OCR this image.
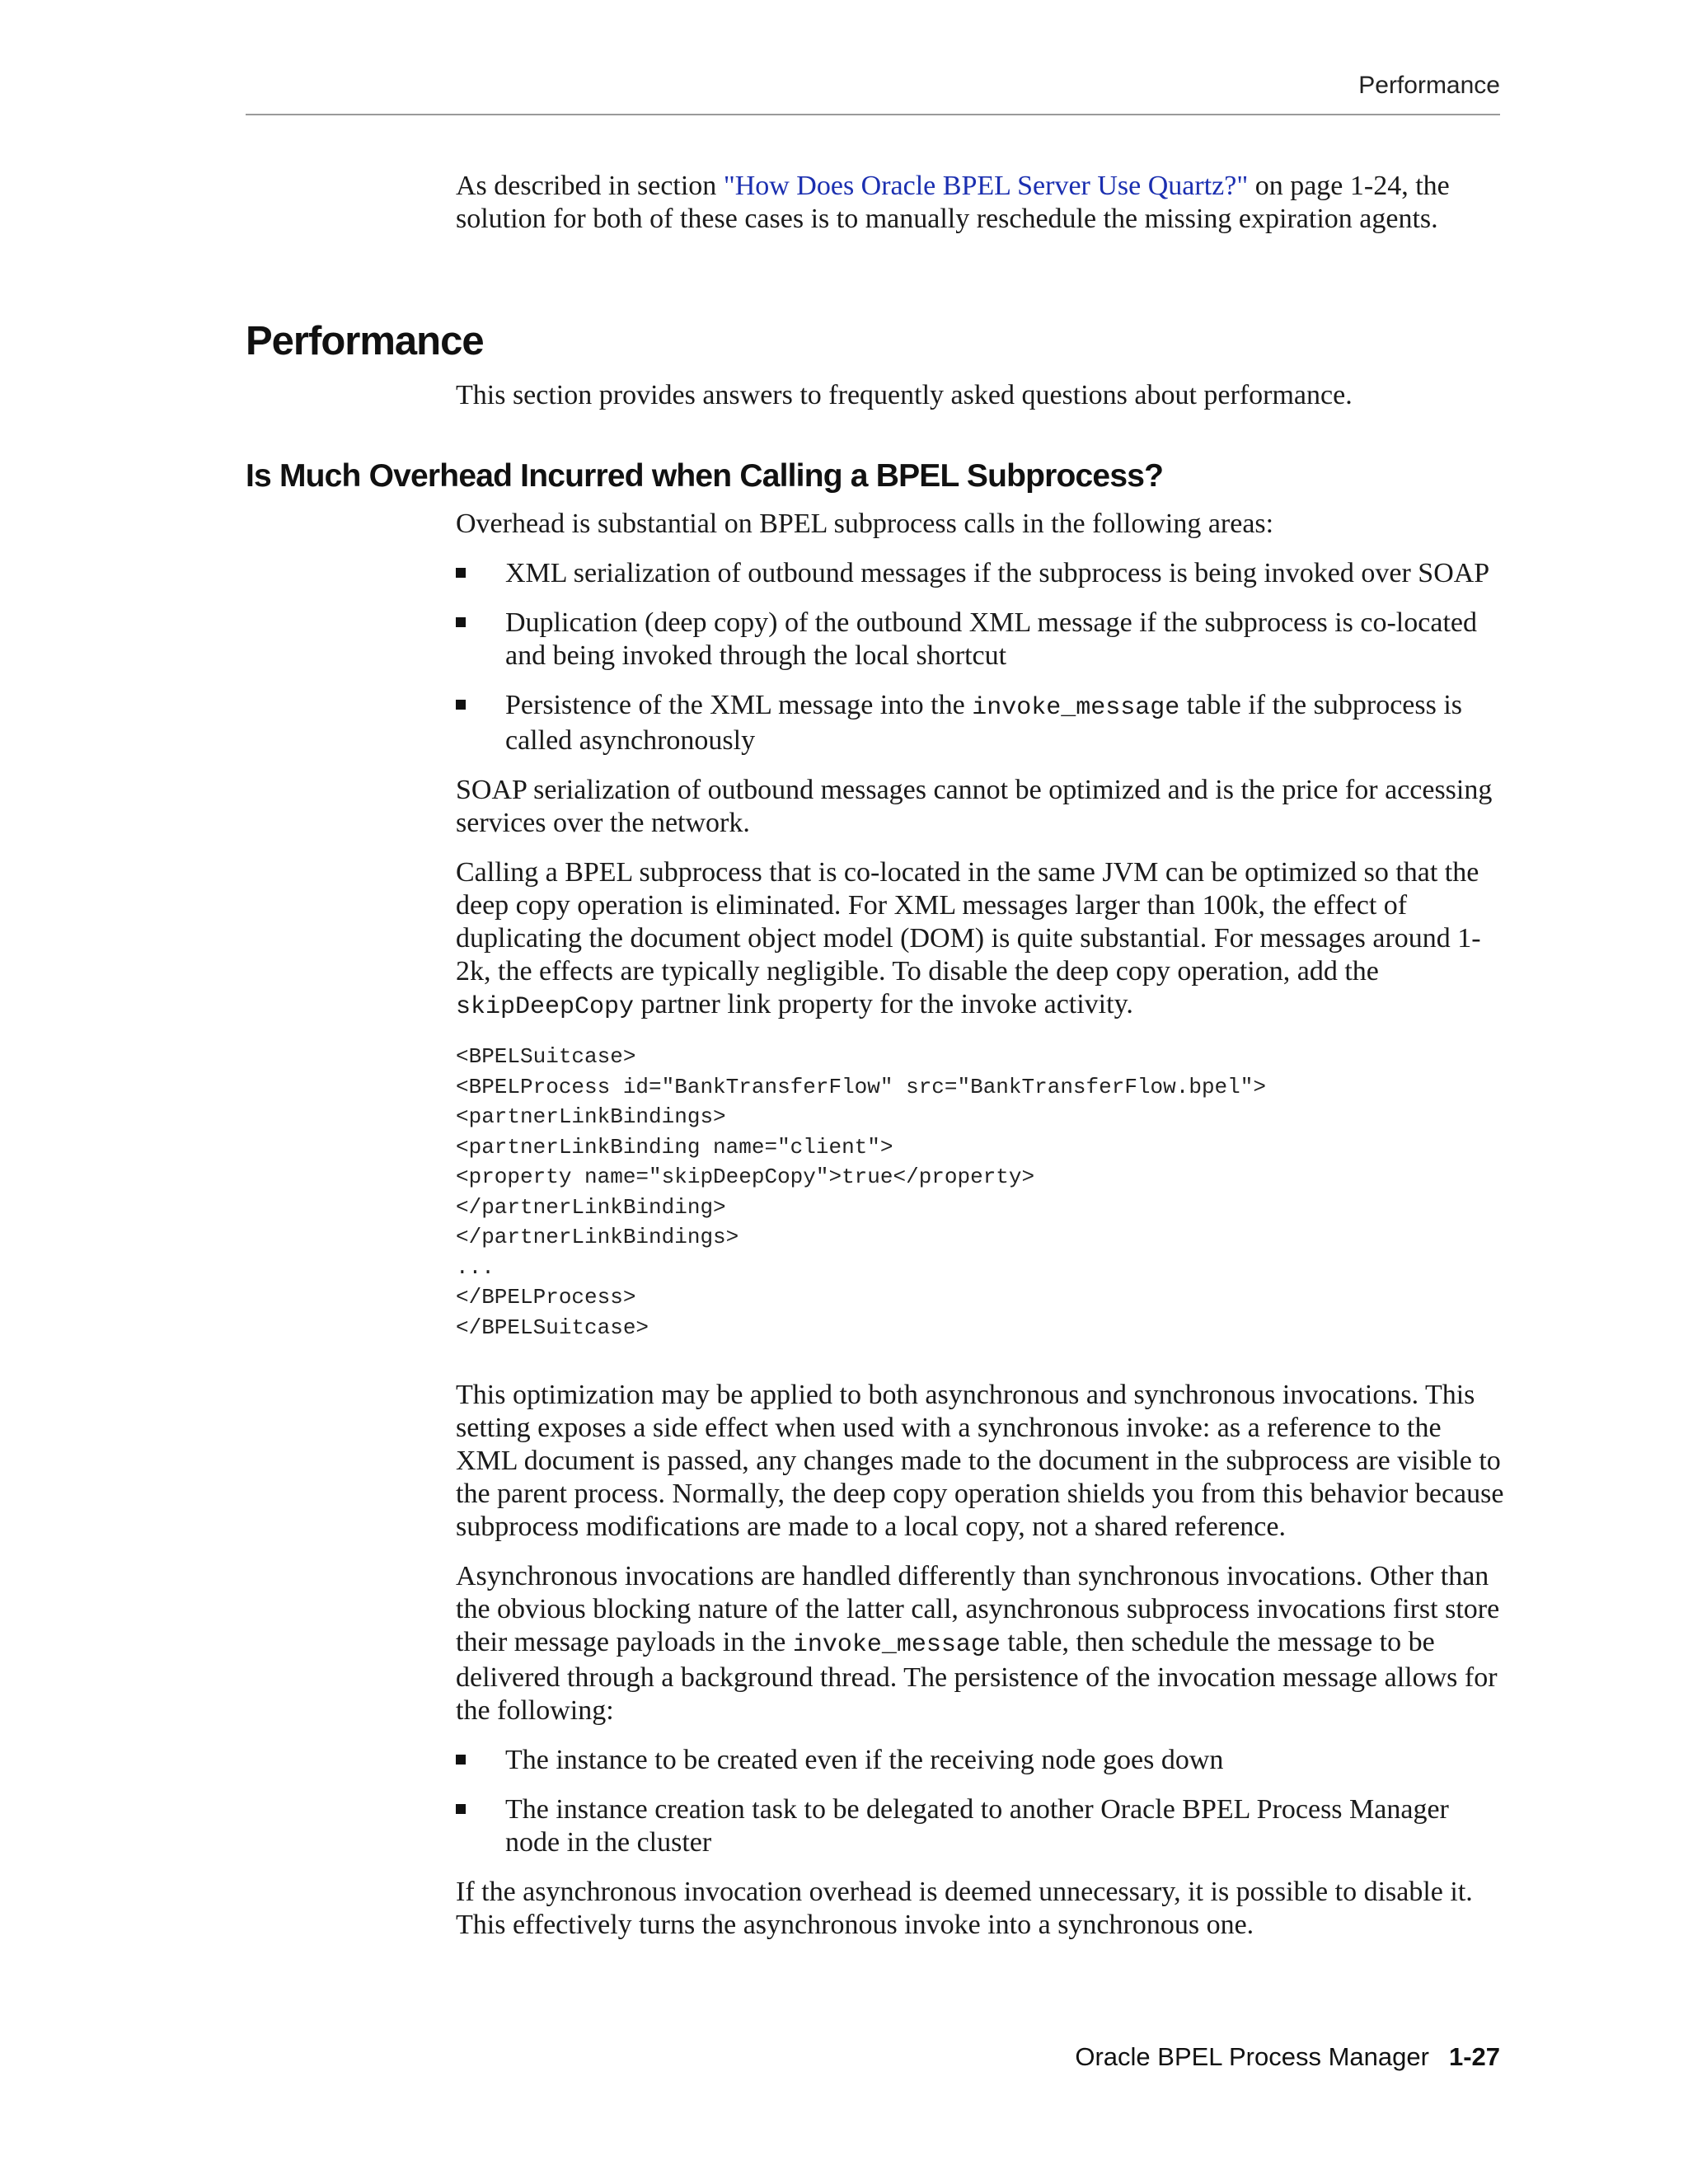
Performance

As described in section "How Does Oracle BPEL Server Use Quartz?" on page 1-24, the solution for both of these cases is to manually reschedule the missing expiration agents.

Performance

This section provides answers to frequently asked questions about performance.

Is Much Overhead Incurred when Calling a BPEL Subprocess?

Overhead is substantial on BPEL subprocess calls in the following areas:

XML serialization of outbound messages if the subprocess is being invoked over SOAP
Duplication (deep copy) of the outbound XML message if the subprocess is co-located and being invoked through the local shortcut
Persistence of the XML message into the invoke_message table if the subprocess is called asynchronously

SOAP serialization of outbound messages cannot be optimized and is the price for accessing services over the network.

Calling a BPEL subprocess that is co-located in the same JVM can be optimized so that the deep copy operation is eliminated. For XML messages larger than 100k, the effect of duplicating the document object model (DOM) is quite substantial. For messages around 1-2k, the effects are typically negligible. To disable the deep copy operation, add the skipDeepCopy partner link property for the invoke activity.

<BPELSuitcase>
<BPELProcess id="BankTransferFlow" src="BankTransferFlow.bpel">
<partnerLinkBindings>
<partnerLinkBinding name="client">
<property name="skipDeepCopy">true</property>
</partnerLinkBinding>
</partnerLinkBindings>
...
</BPELProcess>
</BPELSuitcase>

This optimization may be applied to both asynchronous and synchronous invocations. This setting exposes a side effect when used with a synchronous invoke: as a reference to the XML document is passed, any changes made to the document in the subprocess are visible to the parent process. Normally, the deep copy operation shields you from this behavior because subprocess modifications are made to a local copy, not a shared reference.

Asynchronous invocations are handled differently than synchronous invocations. Other than the obvious blocking nature of the latter call, asynchronous subprocess invocations first store their message payloads in the invoke_message table, then schedule the message to be delivered through a background thread. The persistence of the invocation message allows for the following:

The instance to be created even if the receiving node goes down
The instance creation task to be delegated to another Oracle BPEL Process Manager node in the cluster

If the asynchronous invocation overhead is deemed unnecessary, it is possible to disable it. This effectively turns the asynchronous invoke into a synchronous one.

Oracle BPEL Process Manager 1-27
